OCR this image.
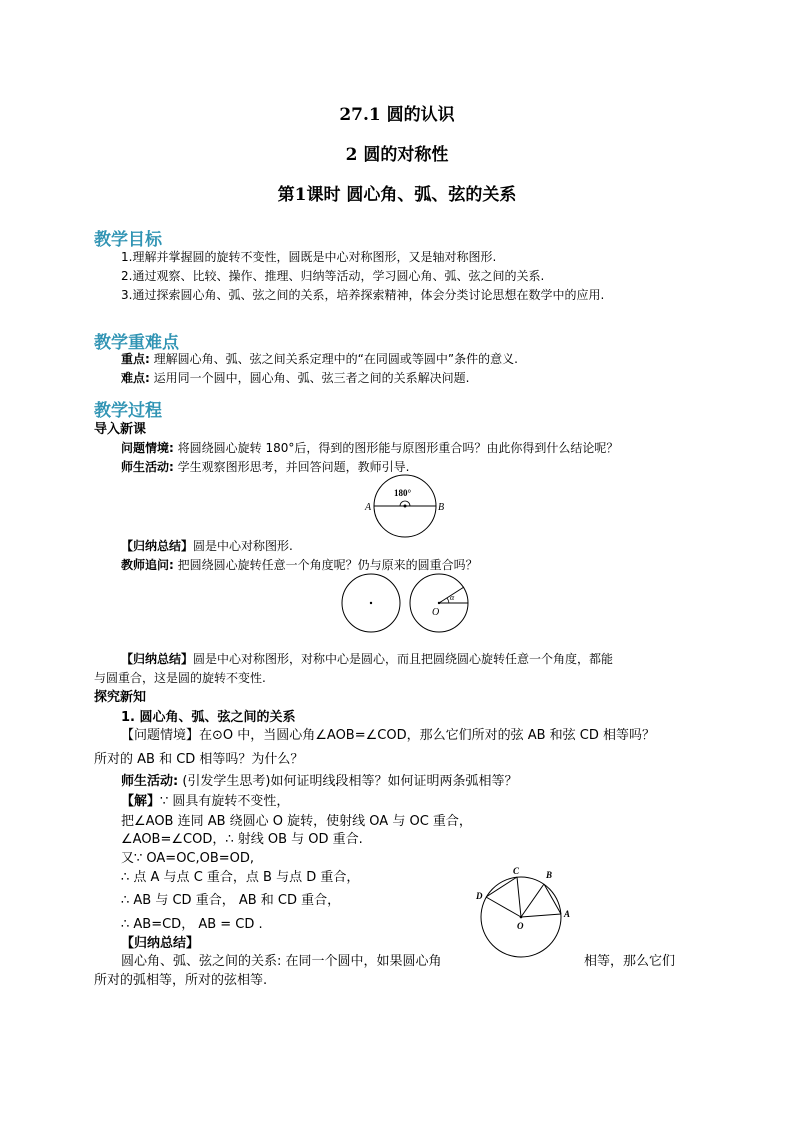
27.1 圆的认识
2 圆的对称性
第1课时 圆心角、弧、弦的关系
教学目标
1.理解并掌握圆的旋转不变性，圆既是中心对称图形，又是轴对称图形.
2.通过观察、比较、操作、推理、归纳等活动，学习圆心角、弧、弦之间的关系.
3.通过探索圆心角、弧、弦之间的关系，培养探索精神，体会分类讨论思想在数学中的应用.
教学重难点
重点: 理解圆心角、弧、弦之间关系定理中的“在同圆或等圆中”条件的意义.
难点: 运用同一个圆中，圆心角、弧、弦三者之间的关系解决问题.
教学过程
导入新课
问题情境: 将圆绕圆心旋转 180°后，得到的图形能与原图形重合吗？由此你得到什么结论呢？
师生活动: 学生观察图形思考，并回答问题，教师引导.
A	B
180°
【归纳总结】圆是中心对称图形.
教师追问: 把圆绕圆心旋转任意一个角度呢？仍与原来的圆重合吗？
O
α
【归纳总结】圆是中心对称图形，对称中心是圆心，而且把圆绕圆心旋转任意一个角度，都能
与圆重合，这是圆的旋转不变性.
探究新知
1. 圆心角、弧、弦之间的关系
【问题情境】在⊙O 中，当圆心角∠AOB=∠COD，那么它们所对的弦 AB 和弦 CD 相等吗？
所对的 AB 和 CD 相等吗？为什么？
师生活动: (引发学生思考)如何证明线段相等？如何证明两条弧相等？
【解】∵ 圆具有旋转不变性，
把∠AOB 连同 AB 绕圆心 O 旋转，使射线 OA 与 OC 重合，
∠AOB=∠COD，∴ 射线 OB 与 OD 重合.
又∵ OA=OC,OB=OD,
∴ 点 A 与点 C 重合，点 B 与点 D 重合，
∴ AB 与 CD 重合， AB 和 CD 重合，
∴ AB=CD， AB = CD .
C	B
D
A
O
【归纳总结】
圆心角、弧、弦之间的关系: 在同一个圆中，如果圆心角	相等，那么它们
所对的弧相等，所对的弦相等.
